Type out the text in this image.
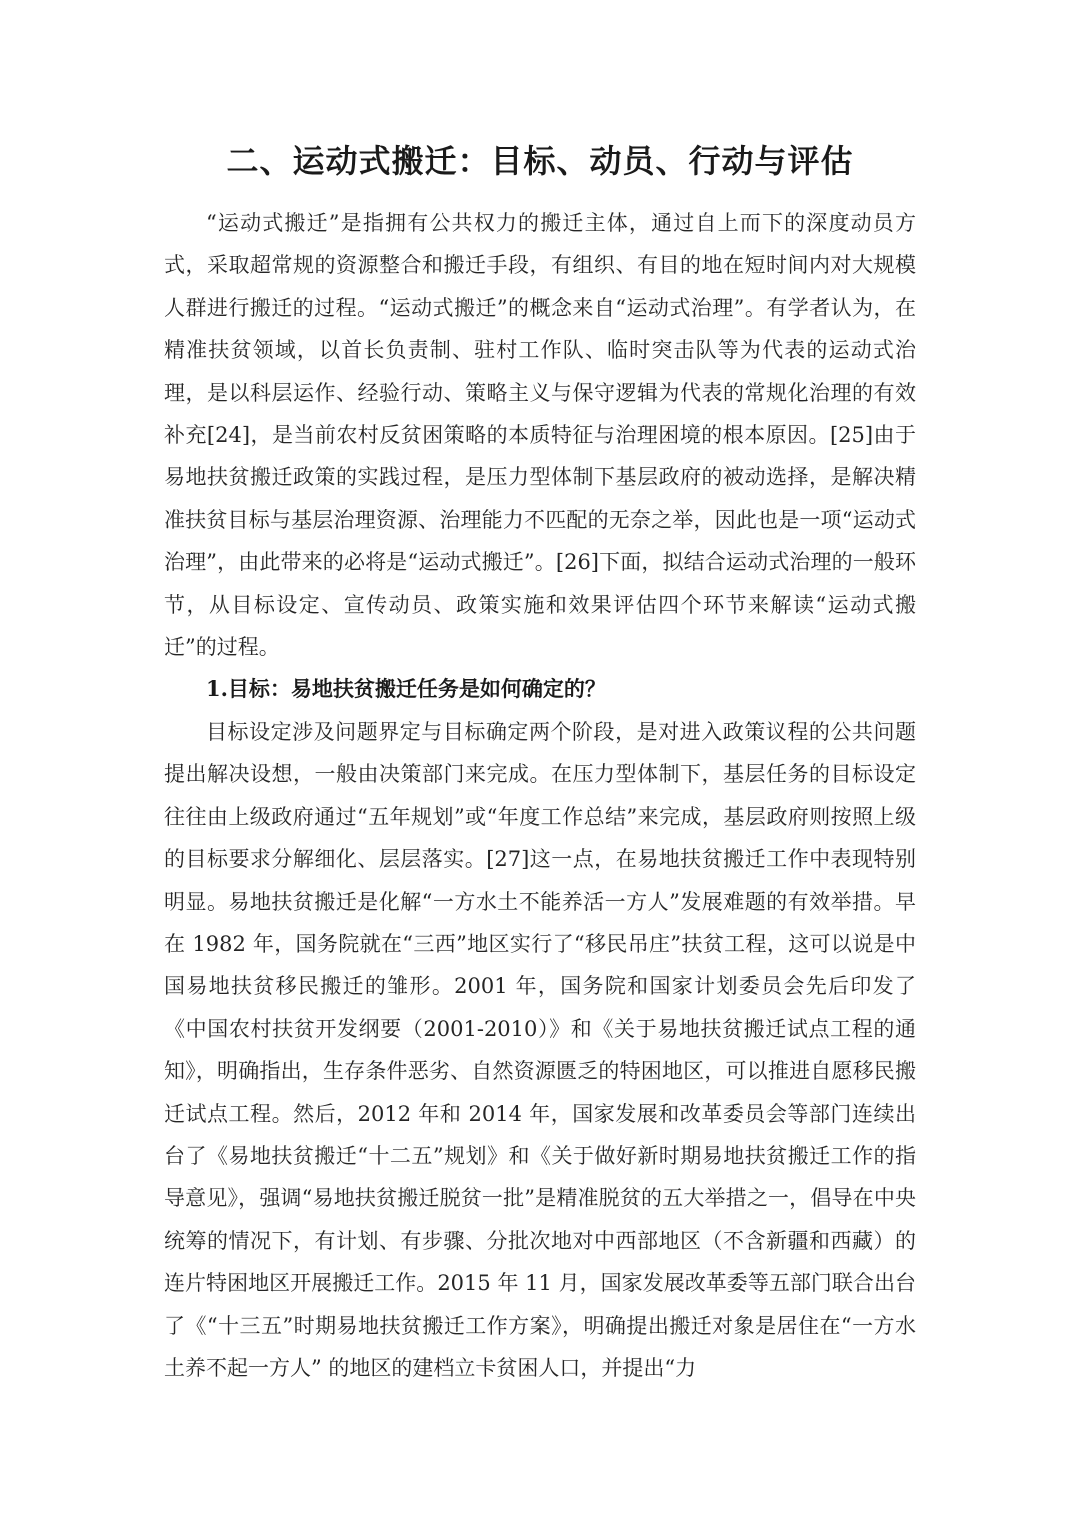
二、运动式搬迁：目标、动员、行动与评估

“运动式搬迁”是指拥有公共权力的搬迁主体，通过自上而下的深度动员方式，采取超常规的资源整合和搬迁手段，有组织、有目的地在短时间内对大规模人群进行搬迁的过程。“运动式搬迁”的概念来自“运动式治理”。有学者认为，在精准扶贫领域，以首长负责制、驻村工作队、临时突击队等为代表的运动式治理，是以科层运作、经验行动、策略主义与保守逻辑为代表的常规化治理的有效补充[24]，是当前农村反贫困策略的本质特征与治理困境的根本原因。[25]由于易地扶贫搬迁政策的实践过程，是压力型体制下基层政府的被动选择，是解决精准扶贫目标与基层治理资源、治理能力不匹配的无奈之举，因此也是一项“运动式治理”，由此带来的必将是“运动式搬迁”。[26]下面，拟结合运动式治理的一般环节，从目标设定、宣传动员、政策实施和效果评估四个环节来解读“运动式搬迁”的过程。

1.目标：易地扶贫搬迁任务是如何确定的？

目标设定涉及问题界定与目标确定两个阶段，是对进入政策议程的公共问题提出解决设想，一般由决策部门来完成。在压力型体制下，基层任务的目标设定往往由上级政府通过“五年规划”或“年度工作总结”来完成，基层政府则按照上级的目标要求分解细化、层层落实。[27]这一点，在易地扶贫搬迁工作中表现特别明显。易地扶贫搬迁是化解“一方水土不能养活一方人”发展难题的有效举措。早在 1982 年，国务院就在“三西”地区实行了“移民吊庄”扶贫工程，这可以说是中国易地扶贫移民搬迁的雏形。2001 年，国务院和国家计划委员会先后印发了《中国农村扶贫开发纲要（2001-2010）》和《关于易地扶贫搬迁试点工程的通知》，明确指出，生存条件恶劣、自然资源匮乏的特困地区，可以推进自愿移民搬迁试点工程。然后，2012 年和 2014 年，国家发展和改革委员会等部门连续出台了《易地扶贫搬迁“十二五”规划》和《关于做好新时期易地扶贫搬迁工作的指导意见》，强调“易地扶贫搬迁脱贫一批”是精准脱贫的五大举措之一，倡导在中央统筹的情况下，有计划、有步骤、分批次地对中西部地区（不含新疆和西藏）的连片特困地区开展搬迁工作。2015 年 11 月，国家发展改革委等五部门联合出台了《“十三五”时期易地扶贫搬迁工作方案》，明确提出搬迁对象是居住在“一方水土养不起一方人” 的地区的建档立卡贫困人口，并提出“力
